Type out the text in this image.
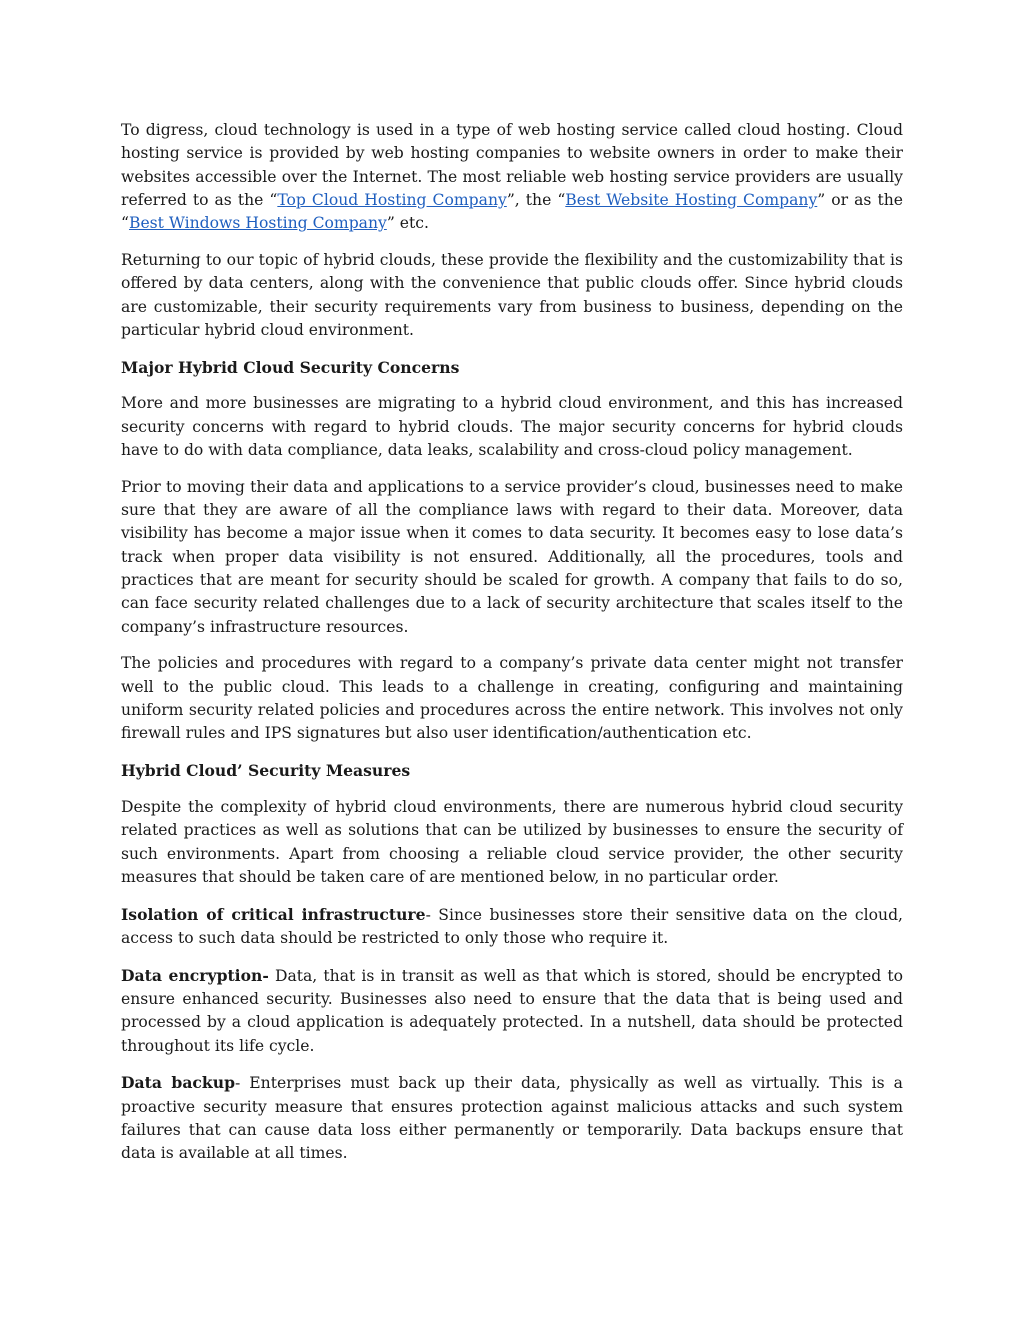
To digress, cloud technology is used in a type of web hosting service called cloud hosting. Cloud hosting service is provided by web hosting companies to website owners in order to make their websites accessible over the Internet. The most reliable web hosting service providers are usually referred to as the “Top Cloud Hosting Company”, the “Best Website Hosting Company” or as the “Best Windows Hosting Company” etc.

Returning to our topic of hybrid clouds, these provide the flexibility and the customizability that is offered by data centers, along with the convenience that public clouds offer. Since hybrid clouds are customizable, their security requirements vary from business to business, depending on the particular hybrid cloud environment.

Major Hybrid Cloud Security Concerns

More and more businesses are migrating to a hybrid cloud environment, and this has increased security concerns with regard to hybrid clouds. The major security concerns for hybrid clouds have to do with data compliance, data leaks, scalability and cross-cloud policy management.

Prior to moving their data and applications to a service provider’s cloud, businesses need to make sure that they are aware of all the compliance laws with regard to their data. Moreover, data visibility has become a major issue when it comes to data security. It becomes easy to lose data’s track when proper data visibility is not ensured. Additionally, all the procedures, tools and practices that are meant for security should be scaled for growth. A company that fails to do so, can face security related challenges due to a lack of security architecture that scales itself to the company’s infrastructure resources.

The policies and procedures with regard to a company’s private data center might not transfer well to the public cloud. This leads to a challenge in creating, configuring and maintaining uniform security related policies and procedures across the entire network. This involves not only firewall rules and IPS signatures but also user identification/authentication etc.

Hybrid Cloud’ Security Measures

Despite the complexity of hybrid cloud environments, there are numerous hybrid cloud security related practices as well as solutions that can be utilized by businesses to ensure the security of such environments. Apart from choosing a reliable cloud service provider, the other security measures that should be taken care of are mentioned below, in no particular order.

Isolation of critical infrastructure- Since businesses store their sensitive data on the cloud, access to such data should be restricted to only those who require it.

Data encryption- Data, that is in transit as well as that which is stored, should be encrypted to ensure enhanced security. Businesses also need to ensure that the data that is being used and processed by a cloud application is adequately protected. In a nutshell, data should be protected throughout its life cycle.

Data backup- Enterprises must back up their data, physically as well as virtually. This is a proactive security measure that ensures protection against malicious attacks and such system failures that can cause data loss either permanently or temporarily. Data backups ensure that data is available at all times.
